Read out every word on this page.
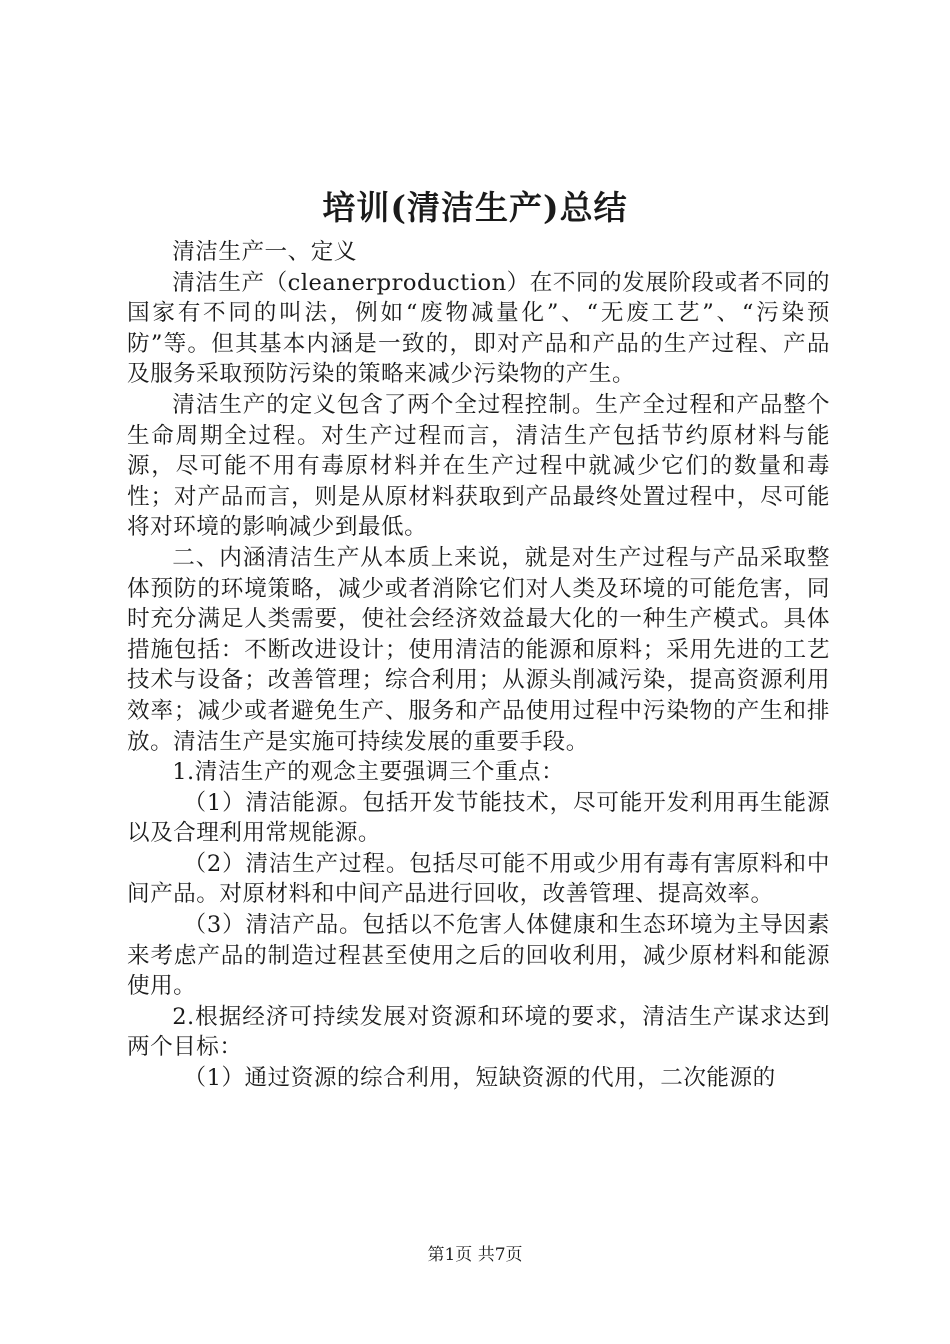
培训(清洁生产)总结

清洁生产一、定义

清洁生产（cleanerproduction）在不同的发展阶段或者不同的国家有不同的叫法，例如“废物减量化”、“无废工艺”、“污染预防”等。但其基本内涵是一致的，即对产品和产品的生产过程、产品及服务采取预防污染的策略来减少污染物的产生。

清洁生产的定义包含了两个全过程控制。生产全过程和产品整个生命周期全过程。对生产过程而言，清洁生产包括节约原材料与能源，尽可能不用有毒原材料并在生产过程中就减少它们的数量和毒性；对产品而言，则是从原材料获取到产品最终处置过程中，尽可能将对环境的影响减少到最低。

二、内涵清洁生产从本质上来说，就是对生产过程与产品采取整体预防的环境策略，减少或者消除它们对人类及环境的可能危害，同时充分满足人类需要，使社会经济效益最大化的一种生产模式。具体措施包括：不断改进设计；使用清洁的能源和原料；采用先进的工艺技术与设备；改善管理；综合利用；从源头削减污染，提高资源利用效率；减少或者避免生产、服务和产品使用过程中污染物的产生和排放。清洁生产是实施可持续发展的重要手段。

1.清洁生产的观念主要强调三个重点：

（1）清洁能源。包括开发节能技术，尽可能开发利用再生能源以及合理利用常规能源。

（2）清洁生产过程。包括尽可能不用或少用有毒有害原料和中间产品。对原材料和中间产品进行回收，改善管理、提高效率。

（3）清洁产品。包括以不危害人体健康和生态环境为主导因素来考虑产品的制造过程甚至使用之后的回收利用，减少原材料和能源使用。

2.根据经济可持续发展对资源和环境的要求，清洁生产谋求达到两个目标：

（1）通过资源的综合利用，短缺资源的代用，二次能源的

第1页 共7页
